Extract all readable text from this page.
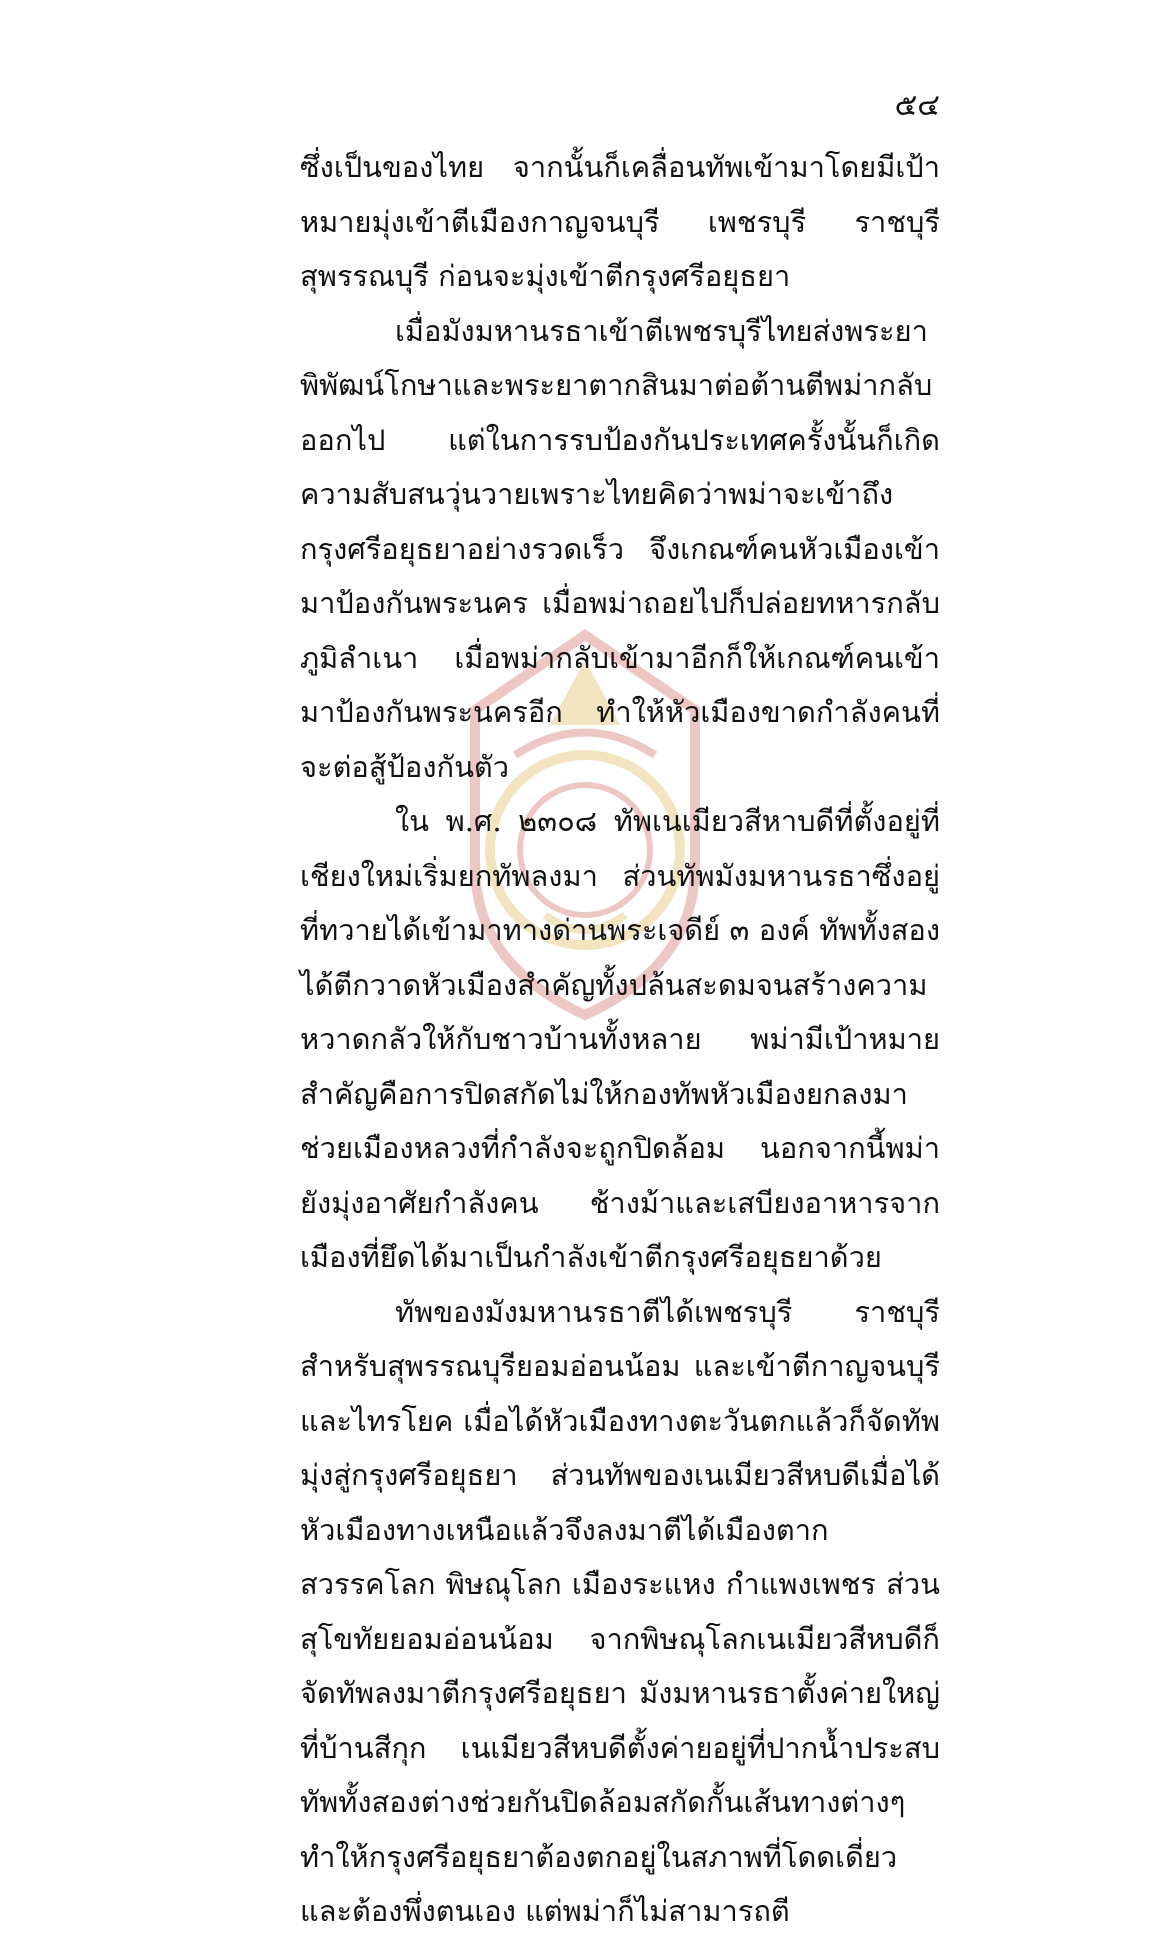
๕๔

ซึ่งเป็นของไทย จากนั้นก็เคลื่อนทัพเข้ามาโดยมีเป้าหมายมุ่งเข้าตีเมืองกาญจนบุรี เพชรบุรี ราชบุรี สุพรรณบุรี ก่อนจะมุ่งเข้าตีกรุงศรีอยุธยา

เมื่อมังมหานรธาเข้าตีเพชรบุรีไทยส่งพระยาพิพัฒน์โกษาและพระยาตากสินมาต่อต้านตีพม่ากลับออกไป แต่ในการรบป้องกันประเทศครั้งนั้นก็เกิดความสับสนวุ่นวายเพราะไทยคิดว่าพม่าจะเข้าถึงกรุงศรีอยุธยาอย่างรวดเร็ว จึงเกณฑ์คนหัวเมืองเข้ามาป้องกันพระนคร เมื่อพม่าถอยไปก็ปล่อยทหารกลับภูมิลำเนา เมื่อพม่ากลับเข้ามาอีกก็ให้เกณฑ์คนเข้ามาป้องกันพระนครอีก ทำให้หัวเมืองขาดกำลังคนที่จะต่อสู้ป้องกันตัว

ใน พ.ศ. ๒๓๐๘ ทัพเนเมียวสีหาบดีที่ตั้งอยู่ที่เชียงใหม่เริ่มยกทัพลงมา ส่วนทัพมังมหานรธาซึ่งอยู่ที่ทวายได้เข้ามาทางด่านพระเจดีย์ ๓ องค์ ทัพทั้งสองได้ตีกวาดหัวเมืองสำคัญทั้งปล้นสะดมจนสร้างความหวาดกลัวให้กับชาวบ้านทั้งหลาย พม่ามีเป้าหมายสำคัญคือการปิดสกัดไม่ให้กองทัพหัวเมืองยกลงมาช่วยเมืองหลวงที่กำลังจะถูกปิดล้อม นอกจากนี้พม่ายังมุ่งอาศัยกำลังคน ช้างม้าและเสบียงอาหารจากเมืองที่ยึดได้มาเป็นกำลังเข้าตีกรุงศรีอยุธยาด้วย

ทัพของมังมหานรธาตีได้เพชรบุรี ราชบุรี สำหรับสุพรรณบุรียอมอ่อนน้อม และเข้าตีกาญจนบุรีและไทรโยค เมื่อได้หัวเมืองทางตะวันตกแล้วก็จัดทัพมุ่งสู่กรุงศรีอยุธยา ส่วนทัพของเนเมียวสีหบดีเมื่อได้หัวเมืองทางเหนือแล้วจึงลงมาตีได้เมืองตาก สวรรคโลก พิษณุโลก เมืองระแหง กำแพงเพชร ส่วนสุโขทัยยอมอ่อนน้อม จากพิษณุโลกเนเมียวสีหบดีก็จัดทัพลงมาตีกรุงศรีอยุธยา มังมหานรธาตั้งค่ายใหญ่ที่บ้านสีกุก เนเมียวสีหบดีตั้งค่ายอยู่ที่ปากน้ำประสบ ทัพทั้งสองต่างช่วยกันปิดล้อมสกัดกั้นเส้นทางต่างๆ ทำให้กรุงศรีอยุธยาต้องตกอยู่ในสภาพที่โดดเดี่ยวและต้องพึ่งตนเอง แต่พม่าก็ไม่สามารถตี
